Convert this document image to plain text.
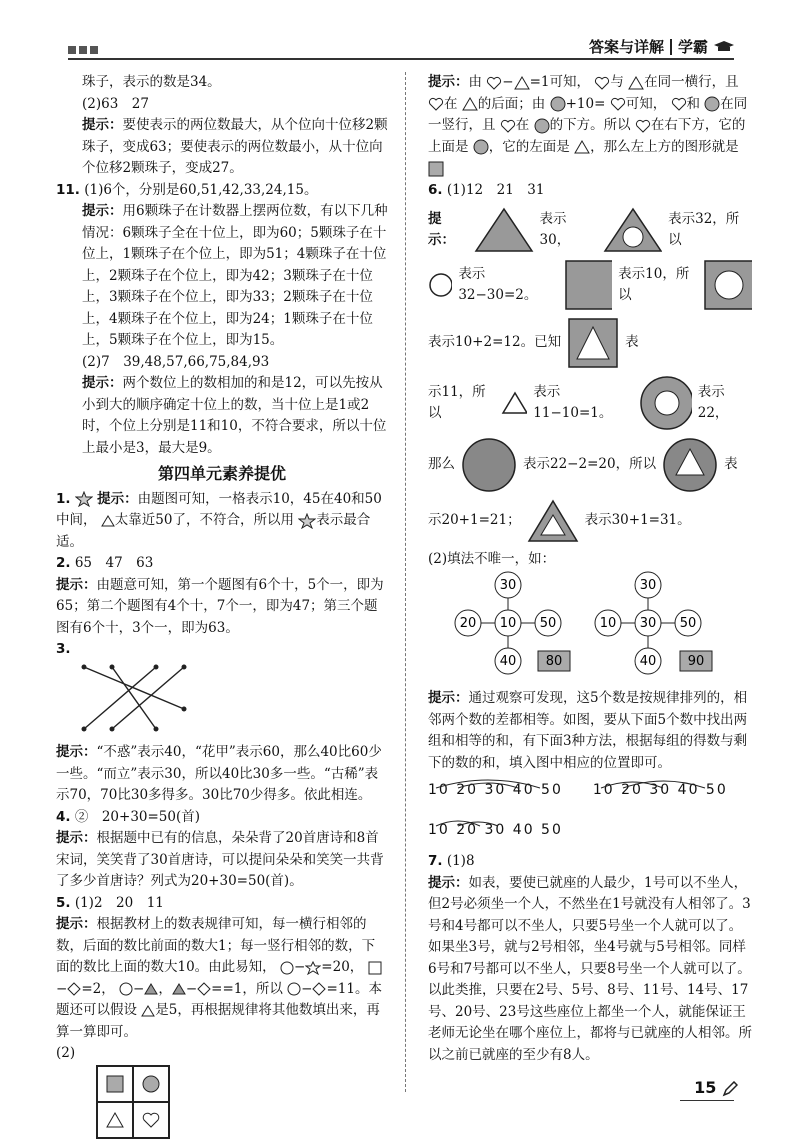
答案与详解 学霸

珠子，表示的数是34。

(2)63　27

提示：要使表示的两位数最大，从个位向十位移2颗珠子，变成63；要使表示的两位数最小，从十位向个位移2颗珠子，变成27。

11. (1)6个，分别是60,51,42,33,24,15。

提示：用6颗珠子在计数器上摆两位数，有以下几种情况：6颗珠子全在十位上，即为60；5颗珠子在十位上，1颗珠子在个位上，即为51；4颗珠子在十位上，2颗珠子在个位上，即为42；3颗珠子在十位上，3颗珠子在个位上，即为33；2颗珠子在十位上，4颗珠子在个位上，即为24；1颗珠子在十位上，5颗珠子在个位上，即为15。

(2)7　39,48,57,66,75,84,93

提示：两个数位上的数相加的和是12，可以先按从小到大的顺序确定十位上的数，当十位上是1或2时，个位上分别是11和10，不符合要求，所以十位上最小是3，最大是9。

第四单元素养提优

1. 提示：由题图可知，一格表示10，45在40和50中间， 太靠近50了，不符合，所以用 表示最合适。

2. 65　47　63

提示：由题意可知，第一个题图有6个十，5个一，即为65；第二个题图有4个十，7个一，即为47；第三个题图有6个十，3个一，即为63。

3.

提示：“不惑”表示40，“花甲”表示60，那么40比60少一些。“而立”表示30，所以40比30多一些。“古稀”表示70，70比30多得多。30比70少得多。依此相连。

4. ②　20+30=50(首)

提示：根据题中已有的信息，朵朵背了20首唐诗和8首宋词，笑笑背了30首唐诗，可以提问朵朵和笑笑一共背了多少首唐诗？列式为20+30=50(首)。

5. (1)2　20　11

提示：根据教材上的数表规律可知，每一横行相邻的数，后面的数比前面的数大1；每一竖行相邻的数，下面的数比上面的数大10。由此易知， − =20， − =2， − ， − ==1，所以 − =11。本题还可以假设 是5，再根据规律将其他数填出来，再算一算即可。

(2)

提示：由 − =1可知， 与 在同一横行，且 在 的后面；由 +10= 可知， 和 在同一竖行，且 在 的下方。所以 在右下方，它的上面是 ，它的左面是 ，那么左上方的图形就是

6. (1)12　21　31

提示：
表示30，
表示32，所以
表示32−30=2。
表示10，所以
表示10+2=12。已知	表
示11，所以
表示11−10=1。
表示22，
那么	表示22−2=20，所以	表
示20+1=21；	表示30+1=31。

(2)填法不唯一，如：

30
20 10 50
40 80
30
10 30 50
40 90

提示：通过观察可发现，这5个数是按规律排列的，相邻两个数的差都相等。如图，要从下面5个数中找出两组和相等的和，有下面3种方法，根据每组的得数与剩下的数的和，填入图中相应的位置即可。

10 20 30 40 50 10 20 30 40 50
10 20 30 40 50

7. (1)8

提示：如表，要使已就座的人最少，1号可以不坐人，但2号必须坐一个人，不然坐在1号就没有人相邻了。3号和4号都可以不坐人，只要5号坐一个人就可以了。如果坐3号，就与2号相邻，坐4号就与5号相邻。同样6号和7号都可以不坐人，只要8号坐一个人就可以了。以此类推，只要在2号、5号、8号、11号、14号、17号、20号、23号这些座位上都坐一个人，就能保证王老师无论坐在哪个座位上，都将与已就座的人相邻。所以之前已就座的至少有8人。

15
